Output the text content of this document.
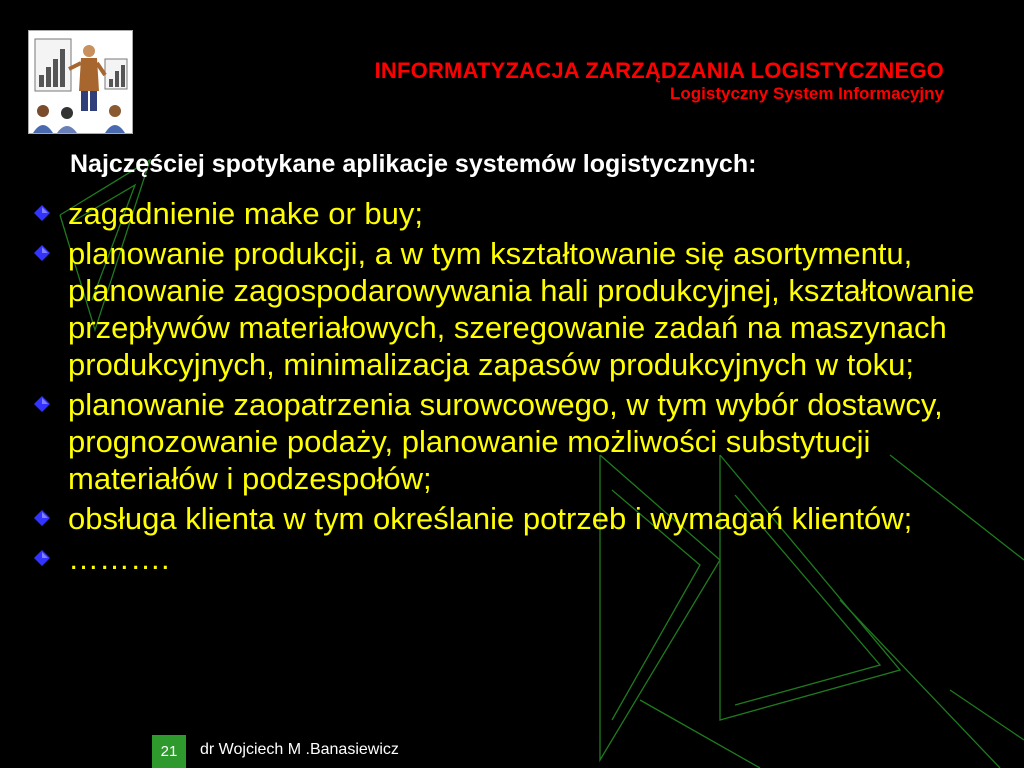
INFORMATYZACJA ZARZĄDZANIA LOGISTYCZNEGO
Logistyczny System Informacyjny
Najczęściej spotykane aplikacje systemów logistycznych:
zagadnienie make or buy;
planowanie produkcji, a w tym kształtowanie się asortymentu, planowanie zagospodarowywania hali produkcyjnej, kształtowanie przepływów materiałowych, szeregowanie zadań na maszynach produkcyjnych, minimalizacja zapasów produkcyjnych w toku;
planowanie zaopatrzenia surowcowego, w tym wybór dostawcy, prognozowanie podaży, planowanie możliwości substytucji materiałów i podzespołów;
obsługa klienta w tym określanie potrzeb i wymagań klientów;
……….
21	dr Wojciech M .Banasiewicz
